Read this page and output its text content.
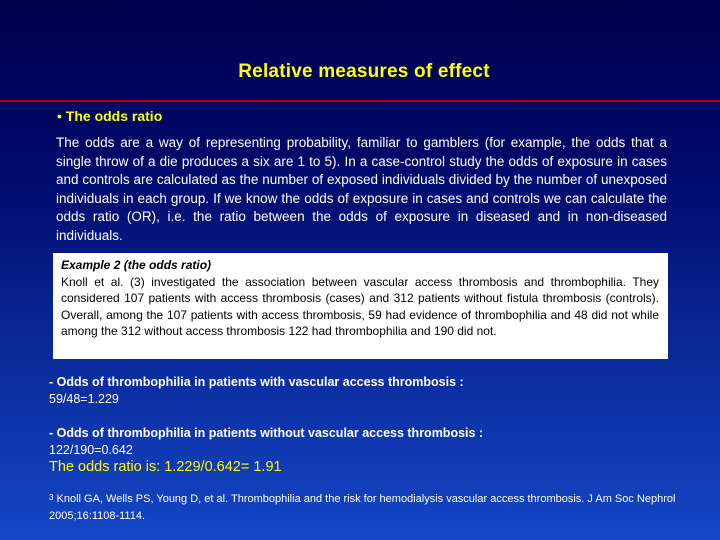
Relative measures of effect
• The odds ratio
The odds are a way of representing probability, familiar to gamblers (for example, the odds that a single throw of a die produces a six are 1 to 5). In a case-control study the odds of exposure in cases and controls are calculated as the number of exposed individuals divided by the number of unexposed individuals in each group. If we know the odds of exposure in cases and controls we can calculate the odds ratio (OR), i.e. the ratio between the odds of exposure in diseased and in non-diseased individuals.
Example 2 (the odds ratio)
Knoll et al. (3) investigated the association between vascular access thrombosis and thrombophilia. They considered 107 patients with access thrombosis (cases) and 312 patients without fistula thrombosis (controls). Overall, among the 107 patients with access thrombosis, 59 had evidence of thrombophilia and 48 did not while among the 312 without access thrombosis 122 had thrombophilia and 190 did not.
- Odds of thrombophilia in patients with vascular access thrombosis :
59/48=1.229
- Odds of thrombophilia in patients without vascular access thrombosis :
122/190=0.642
The odds ratio is: 1.229/0.642= 1.91
3 Knoll GA, Wells PS, Young D, et al. Thrombophilia and the risk for hemodialysis vascular access thrombosis. J Am Soc Nephrol 2005;16:1108-1114.
